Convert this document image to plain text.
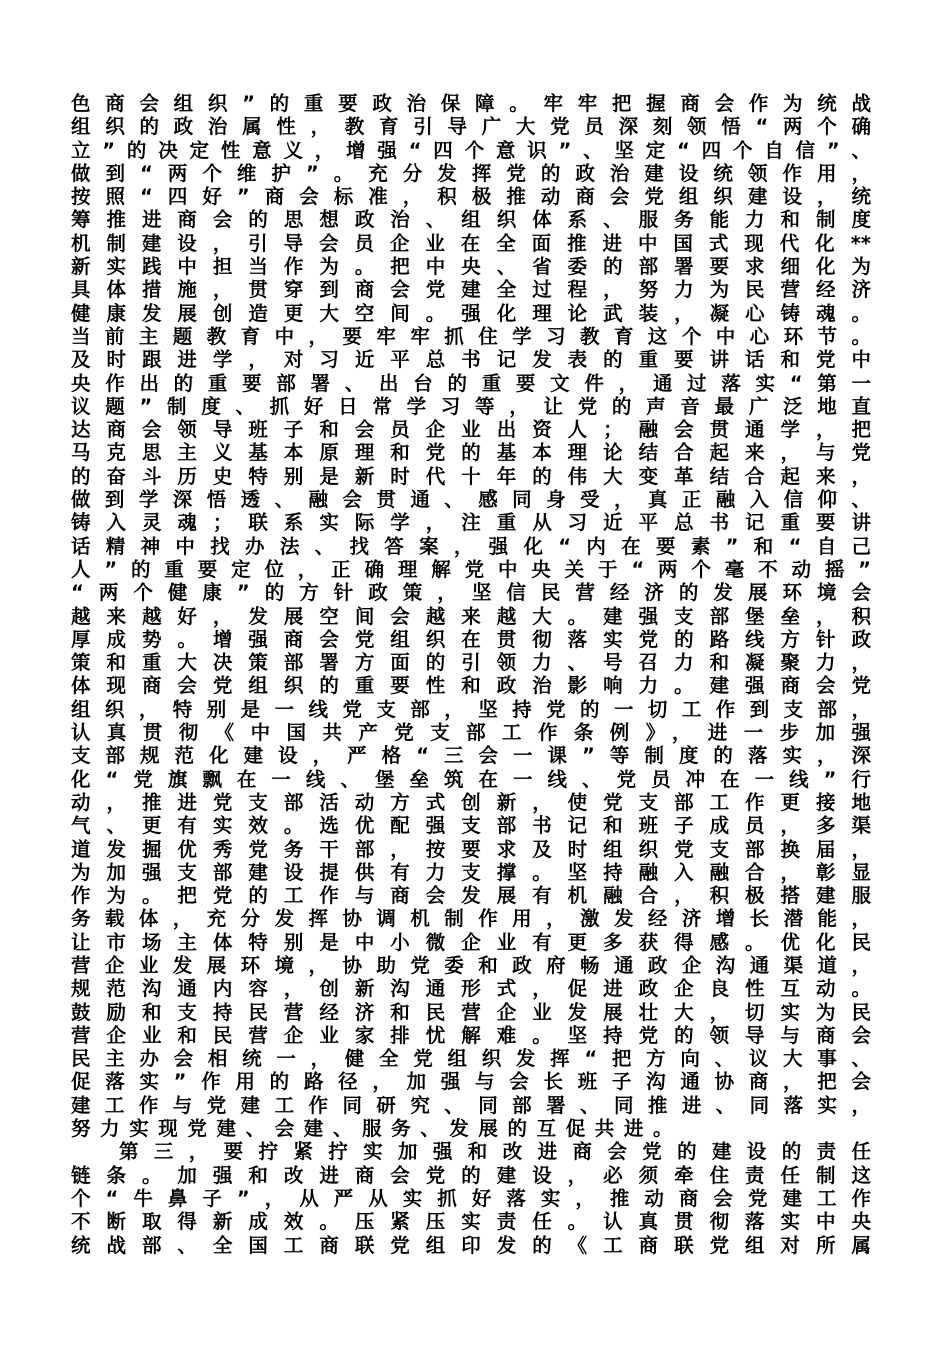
色商会组织”的重要政治保障。牢牢把握商会作为统战
组织的政治属性，教育引导广大党员深刻领悟“两个确
立”的决定性意义，增强“四个意识”、坚定“四个自信”、
做到“两个维护”。充分发挥党的政治建设统领作用，
按照“四好”商会标准，积极推动商会党组织建设，统
筹推进商会的思想政治、组织体系、服务能力和制度
机制建设，引导会员企业在全面推进中国式现代化**
新实践中担当作为。把中央、省委的部署要求细化为
具体措施，贯穿到商会党建全过程，努力为民营经济
健康发展创造更大空间。强化理论武装，凝心铸魂。
当前主题教育中，要牢牢抓住学习教育这个中心环节。
及时跟进学，对习近平总书记发表的重要讲话和党中
央作出的重要部署、出台的重要文件，通过落实“第一
议题”制度、抓好日常学习等，让党的声音最广泛地直
达商会领导班子和会员企业出资人；融会贯通学，把
马克思主义基本原理和党的基本理论结合起来，与党
的奋斗历史特别是新时代十年的伟大变革结合起来，
做到学深悟透、融会贯通、感同身受，真正融入信仰、
铸入灵魂；联系实际学，注重从习近平总书记重要讲
话精神中找办法、找答案，强化“内在要素”和“自己
人”的重要定位，正确理解党中央关于“两个毫不动摇”
“两个健康”的方针政策，坚信民营经济的发展环境会
越来越好，发展空间会越来越大。建强支部堡垒，积
厚成势。增强商会党组织在贯彻落实党的路线方针政
策和重大决策部署方面的引领力、号召力和凝聚力，
体现商会党组织的重要性和政治影响力。建强商会党
组织，特别是一线党支部，坚持党的一切工作到支部，
认真贯彻《中国共产党支部工作条例》，进一步加强
支部规范化建设，严格“三会一课”等制度的落实，深
化“党旗飘在一线、堡垒筑在一线、党员冲在一线”行
动，推进党支部活动方式创新，使党支部工作更接地
气、更有实效。选优配强支部书记和班子成员，多渠
道发掘优秀党务干部，按要求及时组织党支部换届，
为加强支部建设提供有力支撑。坚持融入融合，彰显
作为。把党的工作与商会发展有机融合，积极搭建服
务载体，充分发挥协调机制作用，激发经济增长潜能，
让市场主体特别是中小微企业有更多获得感。优化民
营企业发展环境，协助党委和政府畅通政企沟通渠道，
规范沟通内容，创新沟通形式，促进政企良性互动。
鼓励和支持民营经济和民营企业发展壮大，切实为民
营企业和民营企业家排忧解难。坚持党的领导与商会
民主办会相统一，健全党组织发挥“把方向、议大事、
促落实”作用的路径，加强与会长班子沟通协商，把会
建工作与党建工作同研究、同部署、同推进、同落实，
努力实现党建、会建、服务、发展的互促共进。
第三，要拧紧拧实加强和改进商会党的建设的责任
链条。加强和改进商会党的建设，必须牵住责任制这
个“牛鼻子”，从严从实抓好落实，推动商会党建工作
不断取得新成效。压紧压实责任。认真贯彻落实中央
统战部、全国工商联党组印发的《工商联党组对所属
